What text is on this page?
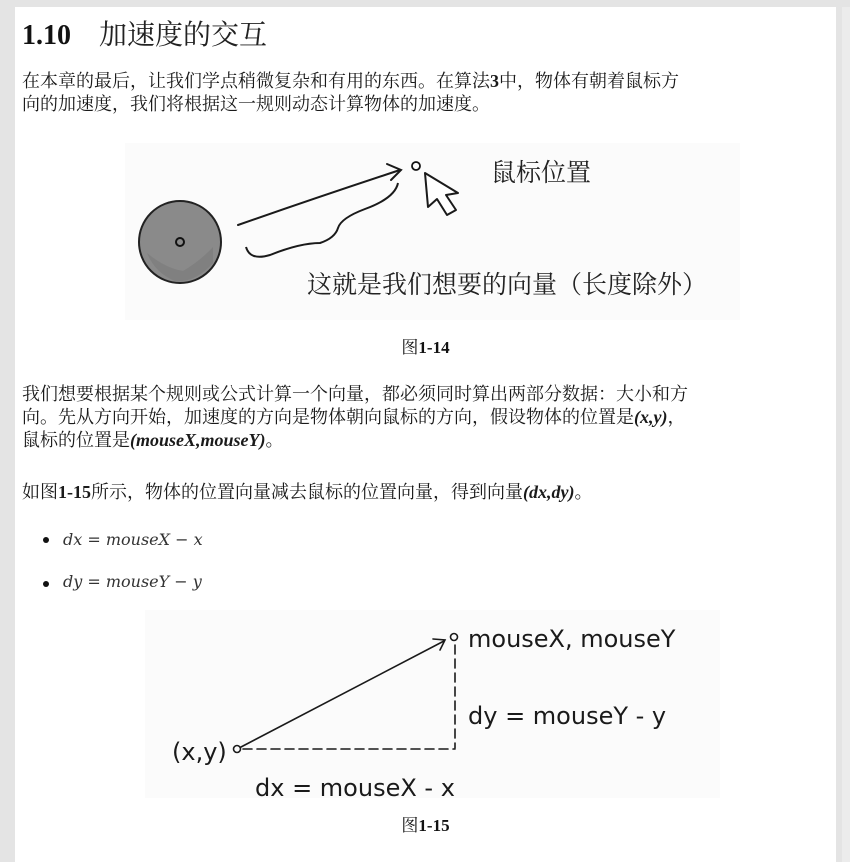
1.10 加速度的交互
在本章的最后，让我们学点稍微复杂和有用的东西。在算法3中，物体有朝着鼠标方
向的加速度，我们将根据这一规则动态计算物体的加速度。
鼠标位置
这就是我们想要的向量（长度除外）
图1-14
我们想要根据某个规则或公式计算一个向量，都必须同时算出两部分数据：大小和方
向。先从方向开始，加速度的方向是物体朝向鼠标的方向，假设物体的位置是(x,y)，
鼠标的位置是(mouseX,mouseY)。
如图1-15所示，物体的位置向量减去鼠标的位置向量，得到向量(dx,dy)。
dx = mouseX − x
dy = mouseY − y
mouseX, mouseY
(x,y)
dy = mouseY - y
dx = mouseX - x
图1-15
